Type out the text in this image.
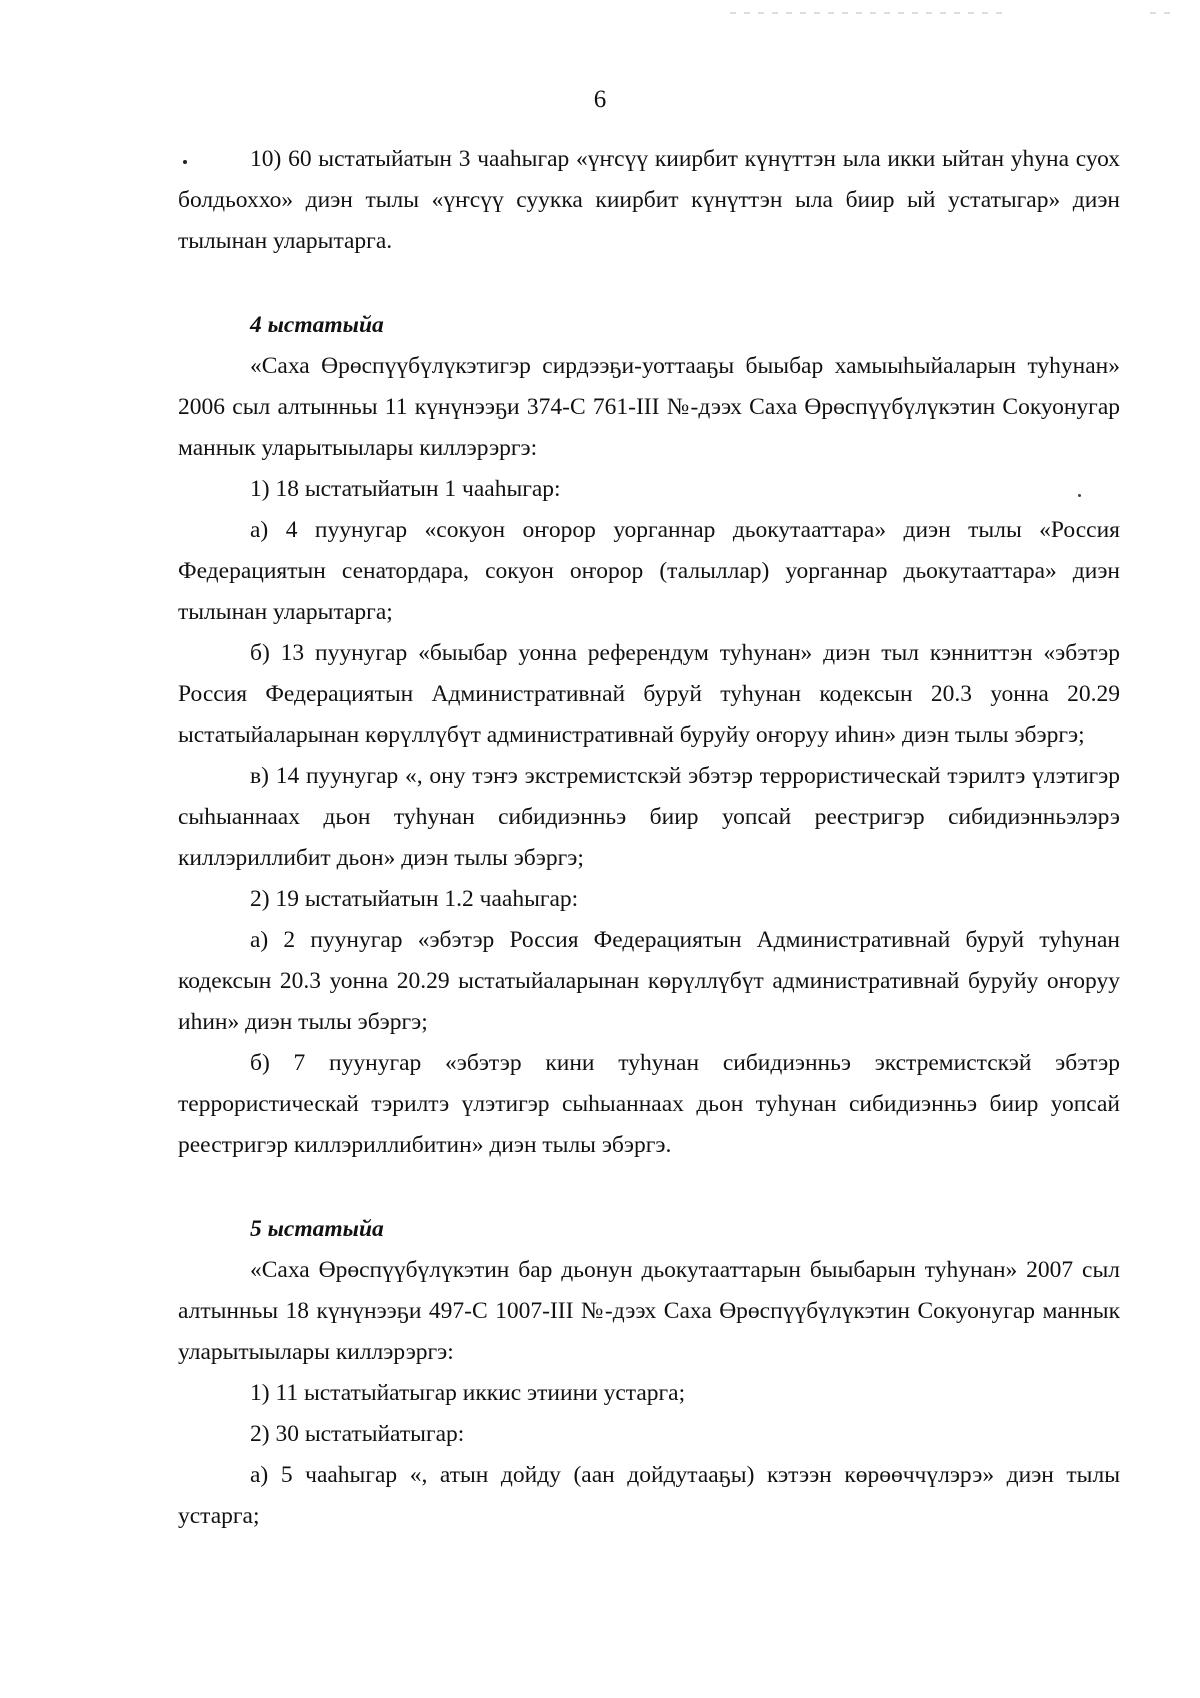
6

10) 60 ыстатыйатын 3 чааһыгар «үҥсүү киирбит күнүттэн ыла икки ыйтан уһуна суох болдьоххо» диэн тылы «үҥсүү суукка киирбит күнүттэн ыла биир ый устатыгар» диэн тылынан уларытарга.

4 ыстатыйа

«Саха Өрөспүүбүлүкэтигэр сирдээҕи-уоттааҕы быыбар хамыыһыйаларын туһунан» 2006 сыл алтынньы 11 күнүнээҕи 374-С 761-III №-дээх Саха Өрөспүүбүлүкэтин Сокуонугар маннык уларытыылары киллэрэргэ:

1) 18 ыстатыйатын 1 чааһыгар:

а) 4 пуунугар «сокуон оҥорор уорганнар дьокутааттара» диэн тылы «Россия Федерациятын сенатордара, сокуон оҥорор (талыллар) уорганнар дьокутааттара» диэн тылынан уларытарга;

б) 13 пуунугар «быыбар уонна референдум туһунан» диэн тыл кэнниттэн «эбэтэр Россия Федерациятын Административнай буруй туһунан кодексын 20.3 уонна 20.29 ыстатыйаларынан көрүллүбүт административнай буруйу оҥоруу иһин» диэн тылы эбэргэ;

в) 14 пуунугар «, ону тэҥэ экстремистскэй эбэтэр террористическай тэрилтэ үлэтигэр сыһыаннаах дьон туһунан сибидиэнньэ биир уопсай реестригэр сибидиэнньэлэрэ киллэриллибит дьон» диэн тылы эбэргэ;

2) 19 ыстатыйатын 1.2 чааһыгар:

а) 2 пуунугар «эбэтэр Россия Федерациятын Административнай буруй туһунан кодексын 20.3 уонна 20.29 ыстатыйаларынан көрүллүбүт административнай буруйу оҥоруу иһин» диэн тылы эбэргэ;

б) 7 пуунугар «эбэтэр кини туһунан сибидиэнньэ экстремистскэй эбэтэр террористическай тэрилтэ үлэтигэр сыһыаннаах дьон туһунан сибидиэнньэ биир уопсай реестригэр киллэриллибитин» диэн тылы эбэргэ.

5 ыстатыйа

«Саха Өрөспүүбүлүкэтин бар дьонун дьокутааттарын быыбарын туһунан» 2007 сыл алтынньы 18 күнүнээҕи 497-С 1007-III №-дээх Саха Өрөспүүбүлүкэтин Сокуонугар маннык уларытыылары киллэрэргэ:

1) 11 ыстатыйатыгар иккис этиини устарга;

2) 30 ыстатыйатыгар:

а) 5 чааһыгар «, атын дойду (аан дойдутааҕы) кэтээн көрөөччүлэрэ» диэн тылы устарга;
